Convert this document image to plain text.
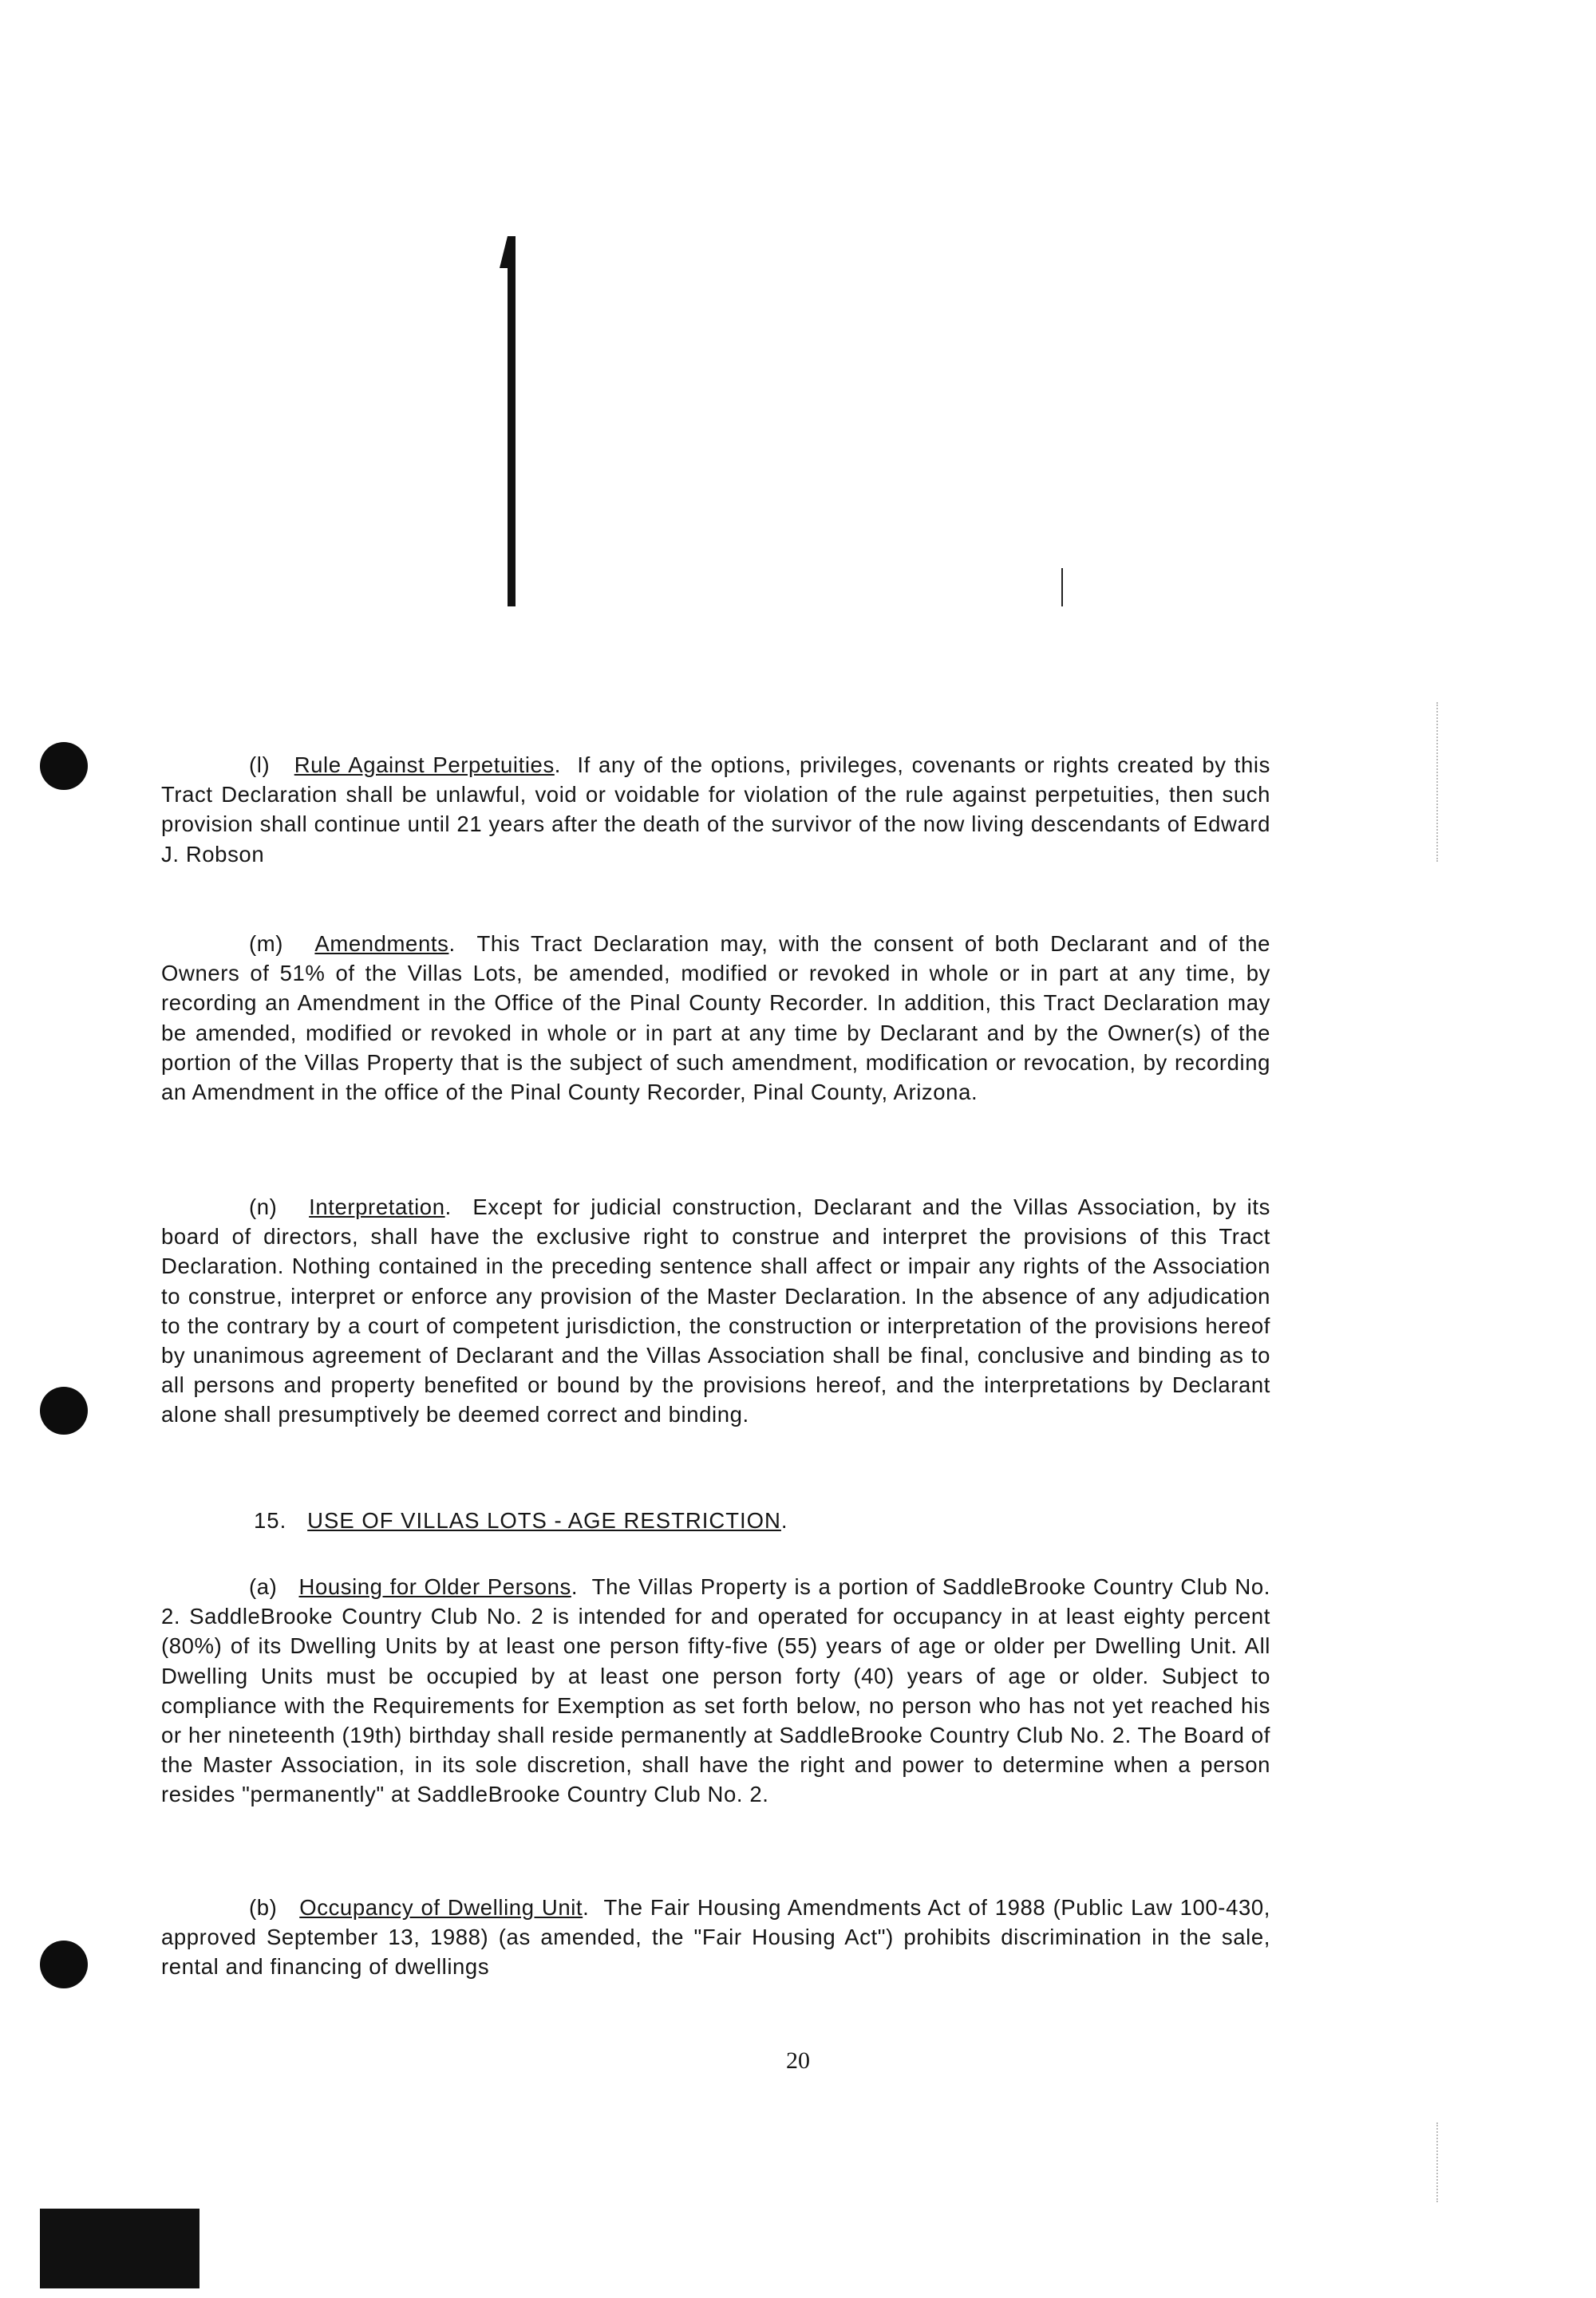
(l) Rule Against Perpetuities.  If any of the options, privileges, covenants or rights created by this Tract Declaration shall be unlawful, void or voidable for violation of the rule against perpetuities, then such provision shall continue until 21 years after the death of the survivor of the now living descendants of Edward J. Robson

(m) Amendments.  This Tract Declaration may, with the consent of both Declarant and of the Owners of 51% of the Villas Lots, be amended, modified or revoked in whole or in part at any time, by recording an Amendment in the Office of the Pinal County Recorder. In addition, this Tract Declaration may be amended, modified or revoked in whole or in part at any time by Declarant and by the Owner(s) of the portion of the Villas Property that is the subject of such amendment, modification or revocation, by recording an Amendment in the office of the Pinal County Recorder, Pinal County, Arizona.

(n) Interpretation.  Except for judicial construction, Declarant and the Villas Association, by its board of directors, shall have the exclusive right to construe and interpret the provisions of this Tract Declaration. Nothing contained in the preceding sentence shall affect or impair any rights of the Association to construe, interpret or enforce any provision of the Master Declaration. In the absence of any adjudication to the contrary by a court of competent jurisdiction, the construction or interpretation of the provisions hereof by unanimous agreement of Declarant and the Villas Association shall be final, conclusive and binding as to all persons and property benefited or bound by the provisions hereof, and the interpretations by Declarant alone shall presumptively be deemed correct and binding.

15. USE OF VILLAS LOTS - AGE RESTRICTION.

(a) Housing for Older Persons.  The Villas Property is a portion of SaddleBrooke Country Club No. 2. SaddleBrooke Country Club No. 2 is intended for and operated for occupancy in at least eighty percent (80%) of its Dwelling Units by at least one person fifty-five (55) years of age or older per Dwelling Unit. All Dwelling Units must be occupied by at least one person forty (40) years of age or older. Subject to compliance with the Requirements for Exemption as set forth below, no person who has not yet reached his or her nineteenth (19th) birthday shall reside permanently at SaddleBrooke Country Club No. 2. The Board of the Master Association, in its sole discretion, shall have the right and power to determine when a person resides "permanently" at SaddleBrooke Country Club No. 2.

(b) Occupancy of Dwelling Unit.  The Fair Housing Amendments Act of 1988 (Public Law 100-430, approved September 13, 1988) (as amended, the "Fair Housing Act") prohibits discrimination in the sale, rental and financing of dwellings

20
